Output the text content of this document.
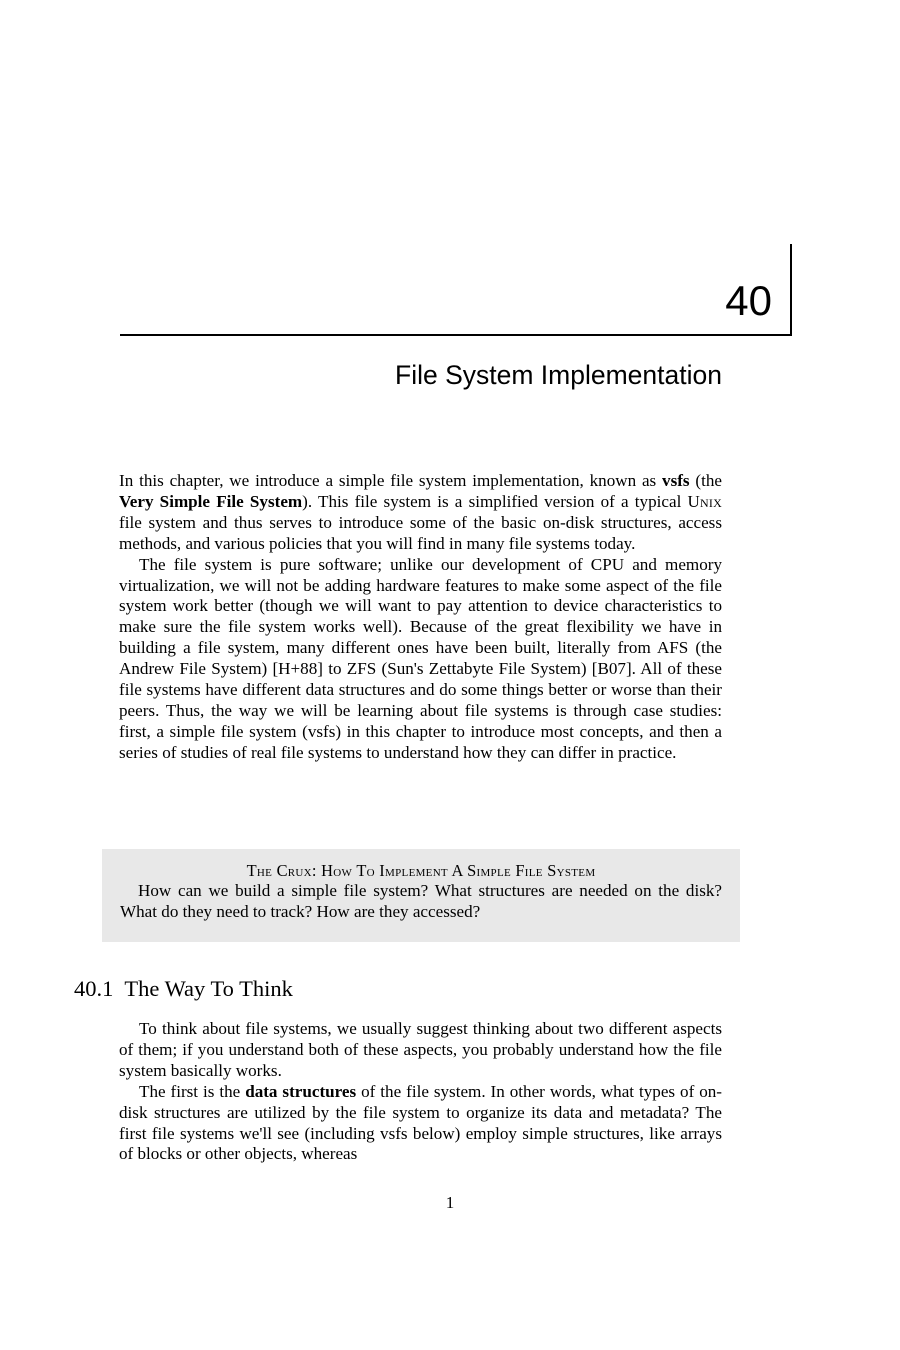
40
File System Implementation

In this chapter, we introduce a simple file system implementation, known as vsfs (the Very Simple File System). This file system is a simplified version of a typical Unix file system and thus serves to introduce some of the basic on-disk structures, access methods, and various policies that you will find in many file systems today.

The file system is pure software; unlike our development of CPU and memory virtualization, we will not be adding hardware features to make some aspect of the file system work better (though we will want to pay attention to device characteristics to make sure the file system works well). Because of the great flexibility we have in building a file system, many different ones have been built, literally from AFS (the Andrew File System) [H+88] to ZFS (Sun's Zettabyte File System) [B07]. All of these file systems have different data structures and do some things better or worse than their peers. Thus, the way we will be learning about file systems is through case studies: first, a simple file system (vsfs) in this chapter to introduce most concepts, and then a series of studies of real file systems to understand how they can differ in practice.

The Crux: How To Implement A Simple File System

How can we build a simple file system? What structures are needed on the disk? What do they need to track? How are they accessed?

40.1 The Way To Think

To think about file systems, we usually suggest thinking about two different aspects of them; if you understand both of these aspects, you probably understand how the file system basically works.

The first is the data structures of the file system. In other words, what types of on-disk structures are utilized by the file system to organize its data and metadata? The first file systems we'll see (including vsfs below) employ simple structures, like arrays of blocks or other objects, whereas

1
